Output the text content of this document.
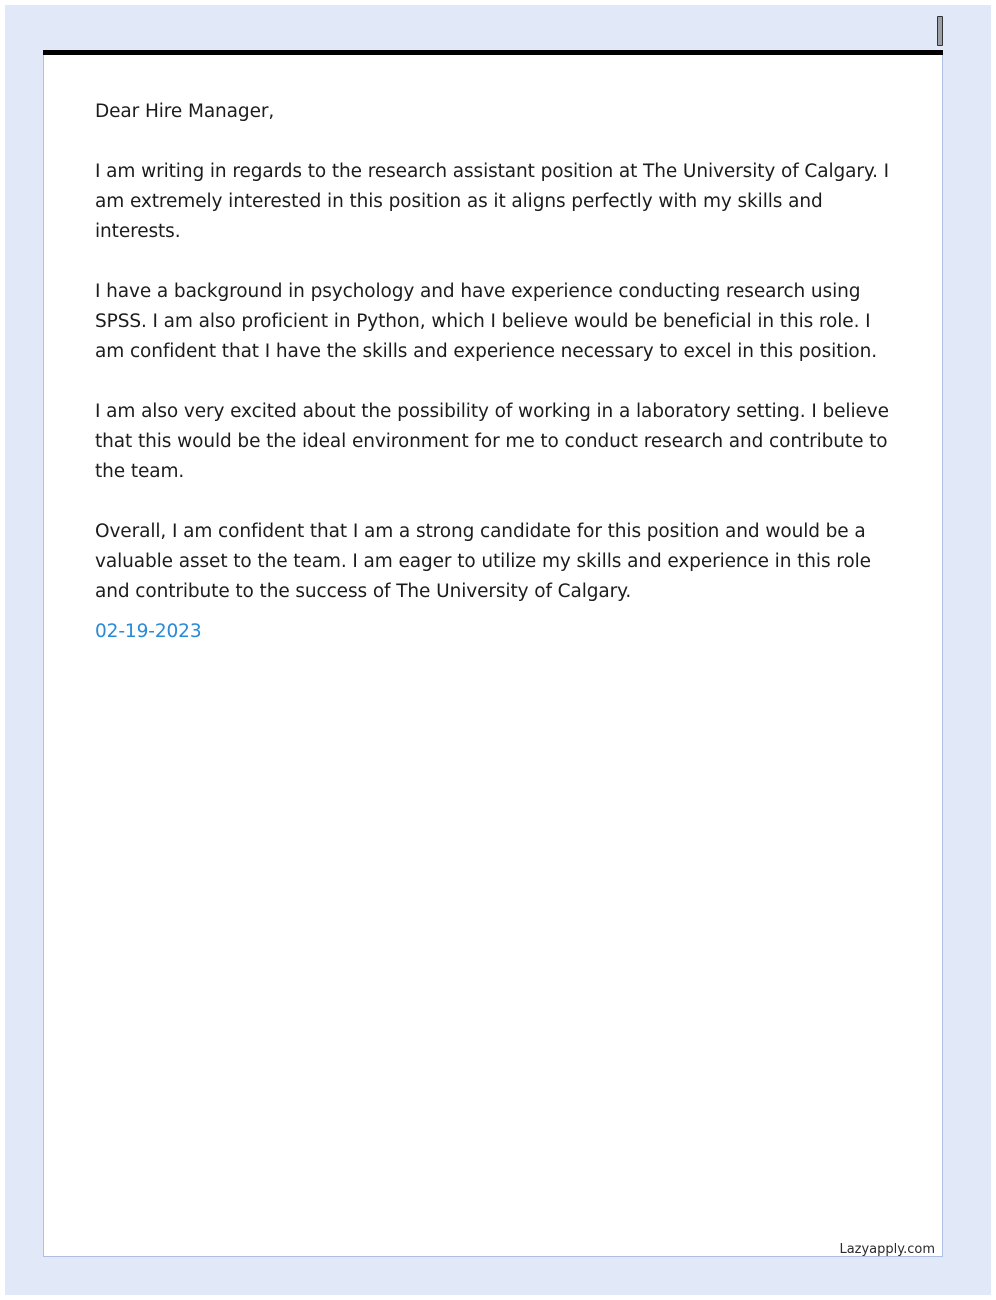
Dear Hire Manager,

I am writing in regards to the research assistant position at The University of Calgary. I am extremely interested in this position as it aligns perfectly with my skills and interests.

I have a background in psychology and have experience conducting research using SPSS. I am also proficient in Python, which I believe would be beneficial in this role. I am confident that I have the skills and experience necessary to excel in this position.

I am also very excited about the possibility of working in a laboratory setting. I believe that this would be the ideal environment for me to conduct research and contribute to the team.

Overall, I am confident that I am a strong candidate for this position and would be a valuable asset to the team. I am eager to utilize my skills and experience in this role and contribute to the success of The University of Calgary.

02-19-2023
Lazyapply.com
